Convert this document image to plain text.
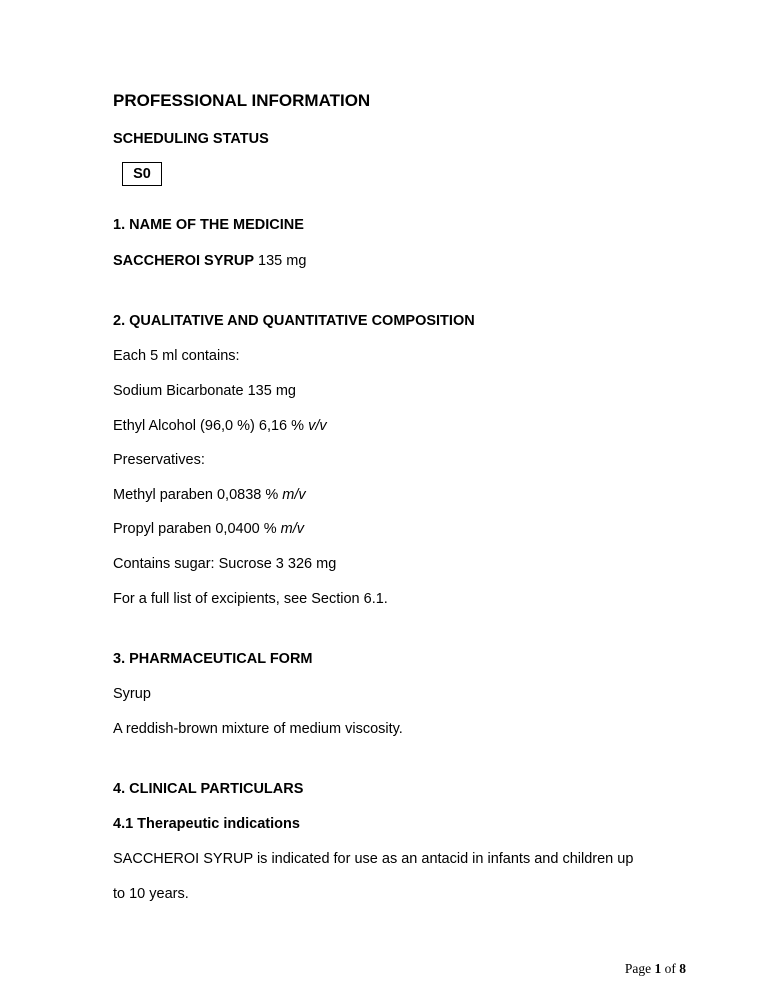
PROFESSIONAL INFORMATION
SCHEDULING STATUS
S0
1. NAME OF THE MEDICINE
SACCHEROI SYRUP 135 mg
2. QUALITATIVE AND QUANTITATIVE COMPOSITION
Each 5 ml contains:
Sodium Bicarbonate 135 mg
Ethyl Alcohol (96,0 %) 6,16 % v/v
Preservatives:
Methyl paraben 0,0838 % m/v
Propyl paraben 0,0400 % m/v
Contains sugar: Sucrose 3 326 mg
For a full list of excipients, see Section 6.1.
3. PHARMACEUTICAL FORM
Syrup
A reddish-brown mixture of medium viscosity.
4. CLINICAL PARTICULARS
4.1 Therapeutic indications
SACCHEROI SYRUP is indicated for use as an antacid in infants and children up
to 10 years.
Page 1 of 8
